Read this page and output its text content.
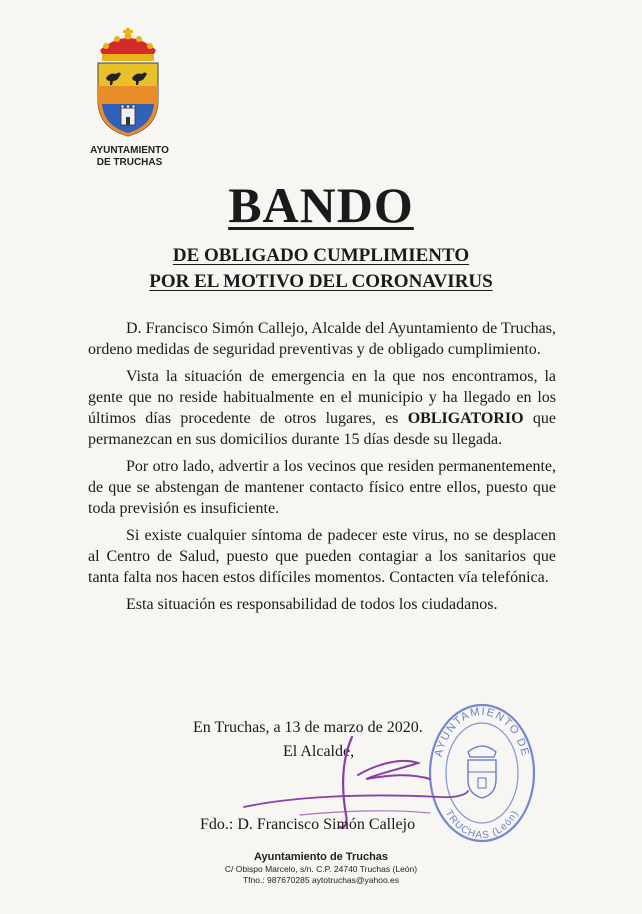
AYUNTAMIENTO
DE TRUCHAS

BANDO
DE OBLIGADO CUMPLIMIENTO
POR EL MOTIVO DEL CORONAVIRUS

D. Francisco Simón Callejo, Alcalde del Ayuntamiento de Truchas, ordeno medidas de seguridad preventivas y de obligado cumplimiento.

Vista la situación de emergencia en la que nos encontramos, la gente que no reside habitualmente en el municipio y ha llegado en los últimos días procedente de otros lugares, es OBLIGATORIO que permanezcan en sus domicilios durante 15 días desde su llegada.

Por otro lado, advertir a los vecinos que residen permanentemente, de que se abstengan de mantener contacto físico entre ellos, puesto que toda previsión es insuficiente.

Si existe cualquier síntoma de padecer este virus, no se desplacen al Centro de Salud, puesto que pueden contagiar a los sanitarios que tanta falta nos hacen estos difíciles momentos. Contacten vía telefónica.

Esta situación es responsabilidad de todos los ciudadanos.

En Truchas, a 13 de marzo de 2020.

El Alcalde,	AYUNTAMIENTO DE
TRUCHAS (León)

Fdo.: D. Francisco Simón Callejo

Ayuntamiento de Truchas
C/ Obispo Marcelo, s/n. C.P. 24740 Truchas (León)
Tfno.: 987670285 aytotruchas@yahoo.es
